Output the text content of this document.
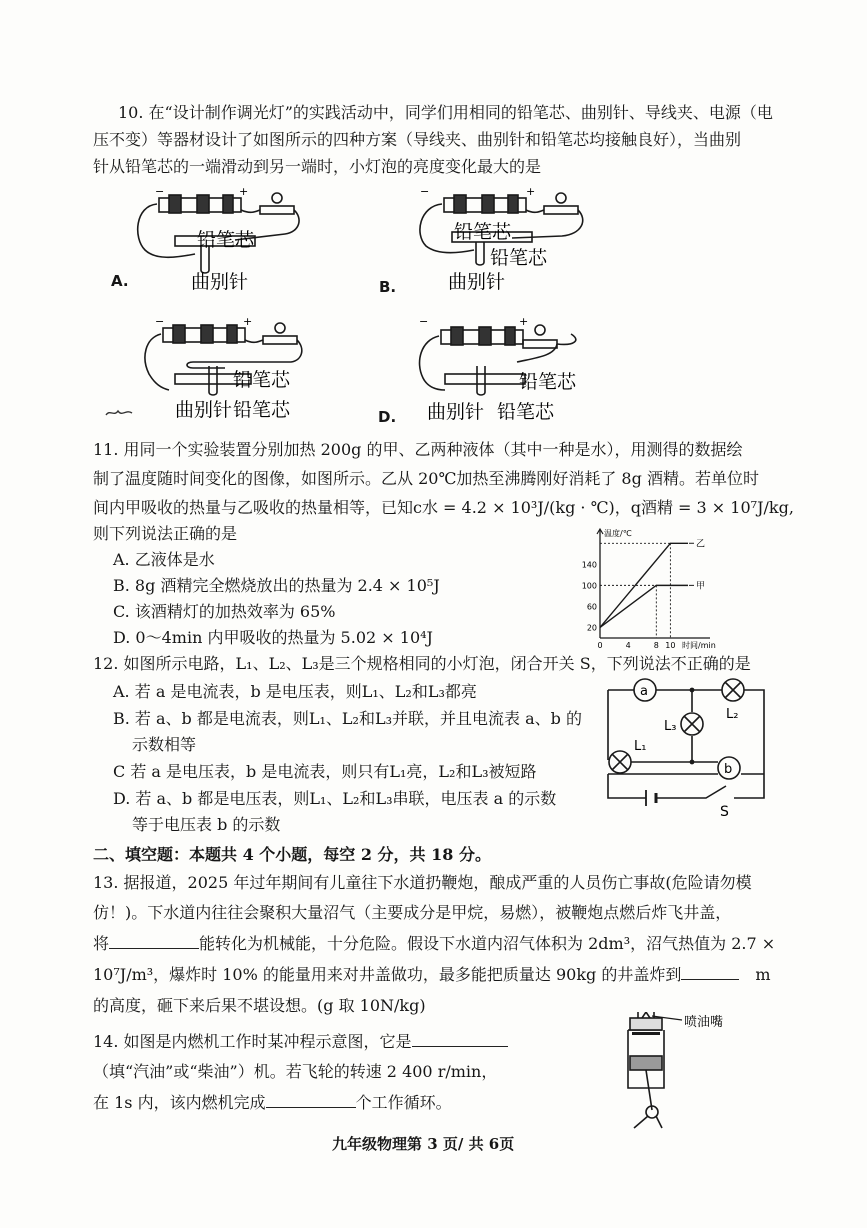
10. 在“设计制作调光灯”的实践活动中，同学们用相同的铅笔芯、曲别针、导线夹、电源（电
压不变）等器材设计了如图所示的四种方案（导线夹、曲别针和铅笔芯均接触良好），当曲别
针从铅笔芯的一端滑动到另一端时，小灯泡的亮度变化最大的是
−	+
铅笔芯
曲别针
A.
−	+
铅笔芯
铅笔芯
曲别针
B.
−	+
铅笔芯
曲别针 铅笔芯
−	+
铅笔芯
曲别针 铅笔芯
D.
11. 用同一个实验装置分别加热 200g 的甲、乙两种液体（其中一种是水），用测得的数据绘
制了温度随时间变化的图像，如图所示。乙从 20℃加热至沸腾刚好消耗了 8g 酒精。若单位时
间内甲吸收的热量与乙吸收的热量相等，已知c水 = 4.2 × 10³J/(kg · ℃)，q酒精 = 3 × 10⁷J/kg,
则下列说法正确的是
A. 乙液体是水
B. 8g 酒精完全燃烧放出的热量为 2.4 × 10⁵J
C. 该酒精灯的加热效率为 65%
D. 0～4min 内甲吸收的热量为 5.02 × 10⁴J
20
60
100
140
0	4	8 10
乙
甲
温度/℃
时间/min
12. 如图所示电路，L₁、L₂、L₃是三个规格相同的小灯泡，闭合开关 S，下列说法不正确的是
A. 若 a 是电流表，b 是电压表，则L₁、L₂和L₃都亮
B. 若 a、b 都是电流表，则L₁、L₂和L₃并联，并且电流表 a、b 的
示数相等
C 若 a 是电压表，b 是电流表，则只有L₁亮，L₂和L₃被短路
D. 若 a、b 都是电压表，则L₁、L₂和L₃串联，电压表 a 的示数
等于电压表 b 的示数
a
b
L₃
L₂
L₁
S
二、填空题：本题共 4 个小题，每空 2 分，共 18 分。
13. 据报道，2025 年过年期间有儿童往下水道扔鞭炮，酿成严重的人员伤亡事故(危险请勿模
仿！)。下水道内往往会聚积大量沼气（主要成分是甲烷，易燃），被鞭炮点燃后炸飞井盖，
将	能转化为机械能，十分危险。假设下水道内沼气体积为 2dm³，沼气热值为 2.7 ×
10⁷J/m³，爆炸时 10% 的能量用来对井盖做功，最多能把质量达 90kg 的井盖炸到	m
的高度，砸下来后果不堪设想。(g 取 10N/kg)
14. 如图是内燃机工作时某冲程示意图，它是
（填“汽油”或“柴油”）机。若飞轮的转速 2 400 r/min，
在 1s 内，该内燃机完成	个工作循环。
喷油嘴
九年级物理第 3 页/ 共 6页
